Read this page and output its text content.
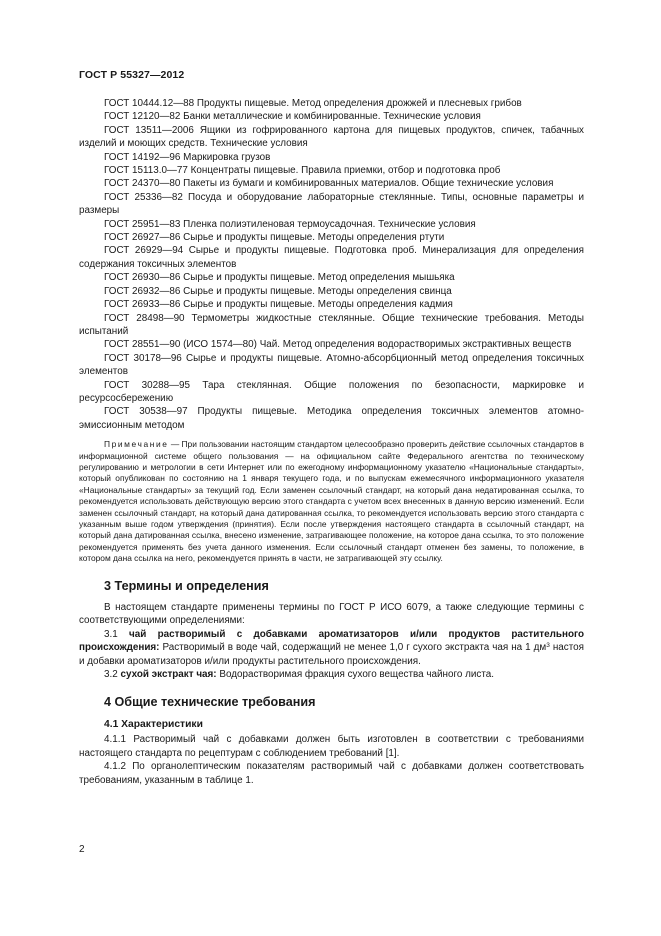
ГОСТ Р 55327—2012

ГОСТ 10444.12—88 Продукты пищевые. Метод определения дрожжей и плесневых грибов

ГОСТ 12120—82 Банки металлические и комбинированные. Технические условия

ГОСТ 13511—2006 Ящики из гофрированного картона для пищевых продуктов, спичек, табачных изделий и моющих средств. Технические условия

ГОСТ 14192—96 Маркировка грузов

ГОСТ 15113.0—77 Концентраты пищевые. Правила приемки, отбор и подготовка проб

ГОСТ 24370—80 Пакеты из бумаги и комбинированных материалов. Общие технические условия

ГОСТ 25336—82 Посуда и оборудование лабораторные стеклянные. Типы, основные параметры и размеры

ГОСТ 25951—83 Пленка полиэтиленовая термоусадочная. Технические условия

ГОСТ 26927—86 Сырье и продукты пищевые. Методы определения ртути

ГОСТ 26929—94 Сырье и продукты пищевые. Подготовка проб. Минерализация для определения содержания токсичных элементов

ГОСТ 26930—86 Сырье и продукты пищевые. Метод определения мышьяка

ГОСТ 26932—86 Сырье и продукты пищевые. Методы определения свинца

ГОСТ 26933—86 Сырье и продукты пищевые. Методы определения кадмия

ГОСТ 28498—90 Термометры жидкостные стеклянные. Общие технические требования. Методы испытаний

ГОСТ 28551—90 (ИСО 1574—80) Чай. Метод определения водорастворимых экстрактивных веществ

ГОСТ 30178—96 Сырье и продукты пищевые. Атомно-абсорбционный метод определения токсичных элементов

ГОСТ 30288—95 Тара стеклянная. Общие положения по безопасности, маркировке и ресурсосбережению

ГОСТ 30538—97 Продукты пищевые. Методика определения токсичных элементов атомно-эмиссионным методом

Примечание — При пользовании настоящим стандартом целесообразно проверить действие ссылочных стандартов в информационной системе общего пользования — на официальном сайте Федерального агентства по техническому регулированию и метрологии в сети Интернет или по ежегодному информационному указателю «Национальные стандарты», который опубликован по состоянию на 1 января текущего года, и по выпускам ежемесячного информационного указателя «Национальные стандарты» за текущий год. Если заменен ссылочный стандарт, на который дана недатированная ссылка, то рекомендуется использовать действующую версию этого стандарта с учетом всех внесенных в данную версию изменений. Если заменен ссылочный стандарт, на который дана датированная ссылка, то рекомендуется использовать версию этого стандарта с указанным выше годом утверждения (принятия). Если после утверждения настоящего стандарта в ссылочный стандарт, на который дана датированная ссылка, внесено изменение, затрагивающее положение, на которое дана ссылка, то это положение рекомендуется применять без учета данного изменения. Если ссылочный стандарт отменен без замены, то положение, в котором дана ссылка на него, рекомендуется принять в части, не затрагивающей эту ссылку.

3 Термины и определения

В настоящем стандарте применены термины по ГОСТ Р ИСО 6079, а также следующие термины с соответствующими определениями:

3.1 чай растворимый с добавками ароматизаторов и/или продуктов растительного происхождения: Растворимый в воде чай, содержащий не менее 1,0 г сухого экстракта чая на 1 $дм^3$ настоя и добавки ароматизаторов и/или продукты растительного происхождения.

3.2 сухой экстракт чая: Водорастворимая фракция сухого вещества чайного листа.

4 Общие технические требования
4.1 Характеристики

4.1.1 Растворимый чай с добавками должен быть изготовлен в соответствии с требованиями настоящего стандарта по рецептурам с соблюдением требований [1].

4.1.2 По органолептическим показателям растворимый чай с добавками должен соответствовать требованиям, указанным в таблице 1.

2
